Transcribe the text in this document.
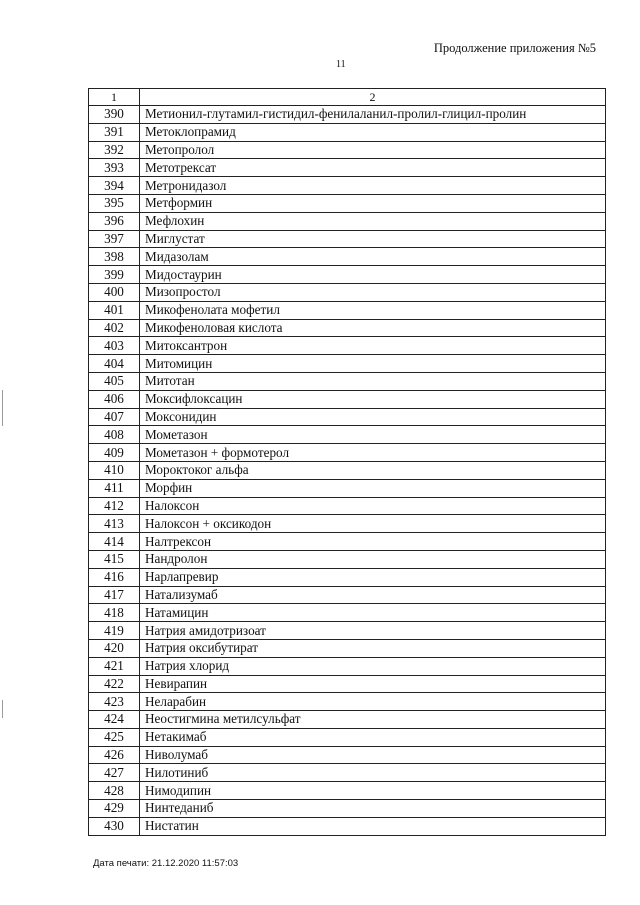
Продолжение приложения №5
11
1	2
390	Метионил-глутамил-гистидил-фенилаланил-пролил-глицил-пролин
391	Метоклопрамид
392	Метопролол
393	Метотрексат
394	Метронидазол
395	Метформин
396	Мефлохин
397	Миглустат
398	Мидазолам
399	Мидостаурин
400	Мизопростол
401	Микофенолата мофетил
402	Микофеноловая кислота
403	Митоксантрон
404	Митомицин
405	Митотан
406	Моксифлоксацин
407	Моксонидин
408	Мометазон
409	Мометазон + формотерол
410	Мороктоког альфа
411	Морфин
412	Налоксон
413	Налоксон + оксикодон
414	Налтрексон
415	Нандролон
416	Нарлапревир
417	Натализумаб
418	Натамицин
419	Натрия амидотризоат
420	Натрия оксибутират
421	Натрия хлорид
422	Невирапин
423	Неларабин
424	Неостигмина метилсульфат
425	Нетакимаб
426	Ниволумаб
427	Нилотиниб
428	Нимодипин
429	Нинтеданиб
430	Нистатин
Дата печати: 21.12.2020 11:57:03
